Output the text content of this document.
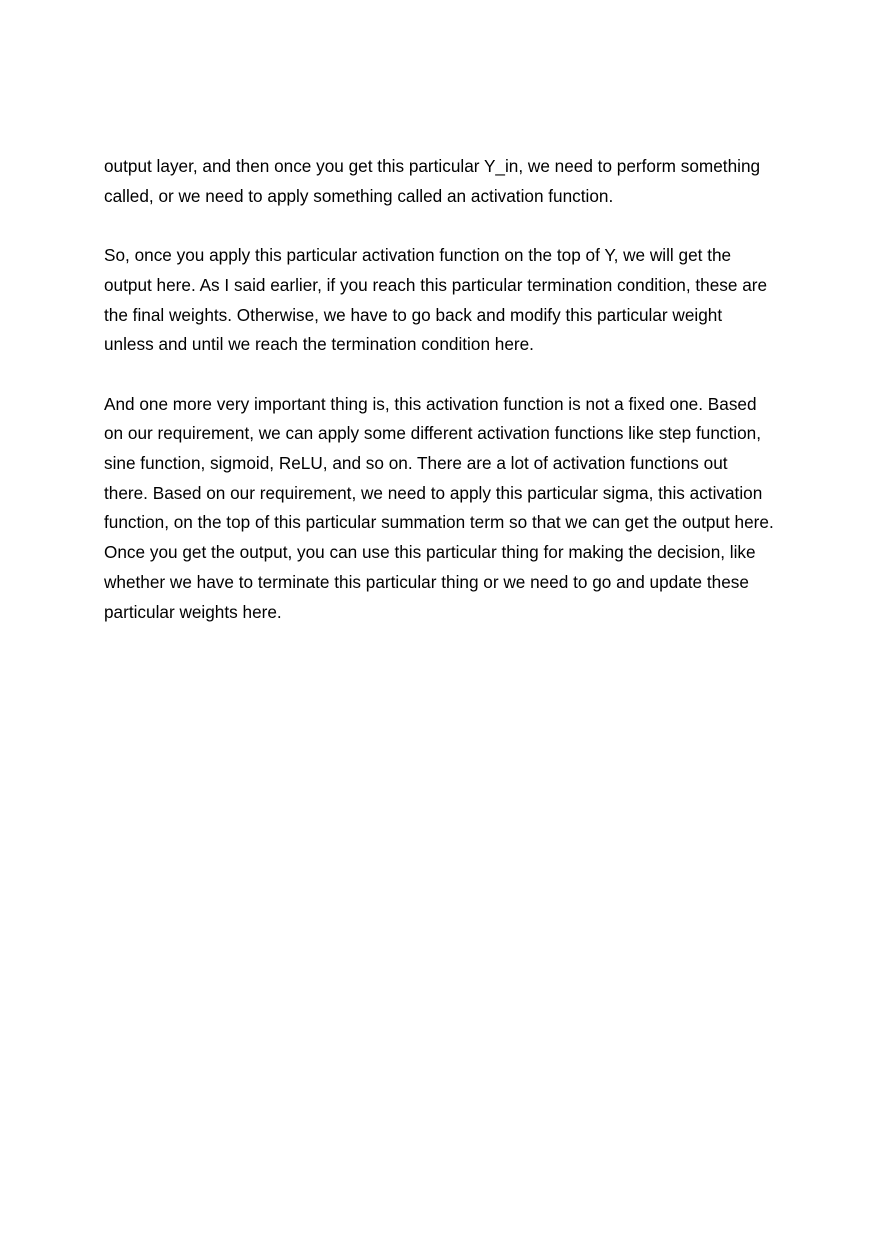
output layer, and then once you get this particular Y_in, we need to perform something
called, or we need to apply something called an activation function.

So, once you apply this particular activation function on the top of Y, we will get the
output here. As I said earlier, if you reach this particular termination condition, these are
the final weights. Otherwise, we have to go back and modify this particular weight
unless and until we reach the termination condition here.

And one more very important thing is, this activation function is not a fixed one. Based
on our requirement, we can apply some different activation functions like step function,
sine function, sigmoid, ReLU, and so on. There are a lot of activation functions out
there. Based on our requirement, we need to apply this particular sigma, this activation
function, on the top of this particular summation term so that we can get the output here.
Once you get the output, you can use this particular thing for making the decision, like
whether we have to terminate this particular thing or we need to go and update these
particular weights here.
